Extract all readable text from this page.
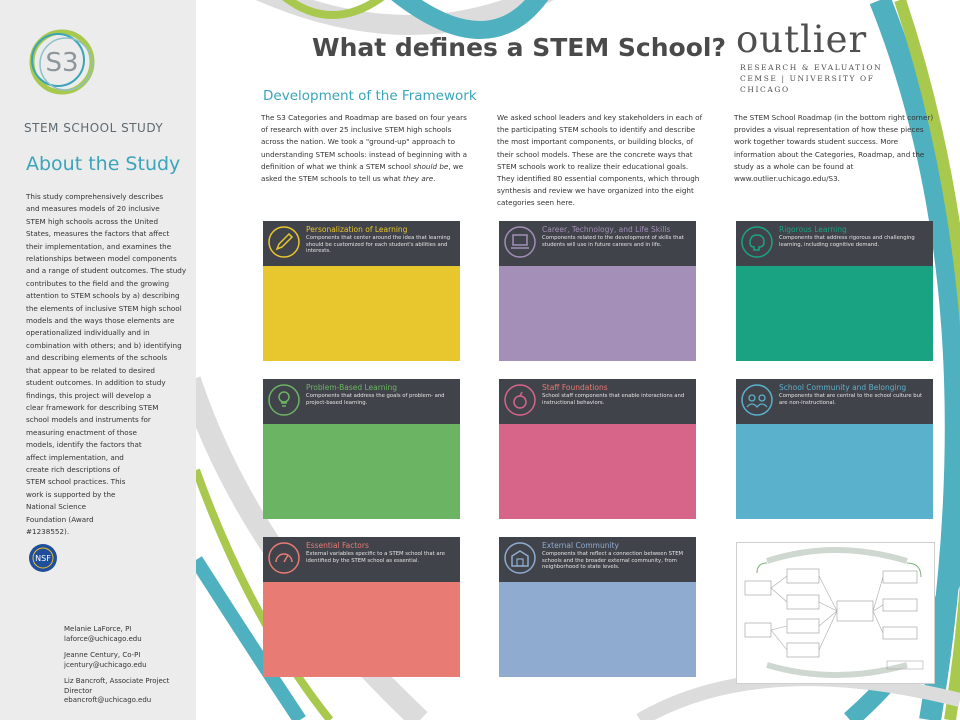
S3
STEM SCHOOL STUDY
About the Study
This study comprehensively describes
and measures models of 20 inclusive
STEM high schools across the United
States, measures the factors that affect
their implementation, and examines the
relationships between model components
and a range of student outcomes. The study
contributes to the field and the growing
attention to STEM schools by a) describing
the elements of inclusive STEM high school
models and the ways those elements are
operationalized individually and in
combination with others; and b) identifying
and describing elements of the schools
that appear to be related to desired
student outcomes. In addition to study
findings, this project will develop a
clear framework for describing STEM
school models and instruments for
measuring enactment of those
models, identify the factors that
affect implementation, and
create rich descriptions of
STEM school practices. This
work is supported by the
National Science
Foundation (Award
#1238552).
NSF
Melanie LaForce, PI
laforce@uchicago.edu
Jeanne Century, Co-PI
jcentury@uchicago.edu
Liz Bancroft, Associate Project Director
ebancroft@uchicago.edu
What defines a STEM School? outlier
RESEARCH & EVALUATION
CEMSE | UNIVERSITY OF CHICAGO
Development of the Framework
The S3 Categories and Roadmap are based on four years of research with over 25 inclusive STEM high schools across the nation. We took a "ground-up" approach to understanding STEM schools: instead of beginning with a definition of what we think a STEM school should be, we asked the STEM schools to tell us what they are.
We asked school leaders and key stakeholders in each of the participating STEM schools to identify and describe the most important components, or building blocks, of their school models. These are the concrete ways that STEM schools work to realize their educational goals. They identified 80 essential components, which through synthesis and review we have organized into the eight categories seen here.
The STEM School Roadmap (in the bottom right corner) provides a visual representation of how these pieces work together towards student success. More information about the Categories, Roadmap, and the study as a whole can be found at www.outlier.uchicago.edu/S3.
Personalization of Learning
Components that center around the idea that learning should be customized for each student's abilities and interests.
Career, Technology, and Life Skills
Components related to the development of skills that students will use in future careers and in life.
Rigorous Learning
Components that address rigorous and challenging learning, including cognitive demand.
Problem-Based Learning
Components that address the goals of problem- and project-based learning.
Staff Foundations
School staff components that enable interactions and instructional behaviors.
School Community and Belonging
Components that are central to the school culture but are non-instructional.
Essential Factors
External variables specific to a STEM school that are identified by the STEM school as essential.
External Community
Components that reflect a connection between STEM schools and the broader external community, from neighborhood to state levels.
